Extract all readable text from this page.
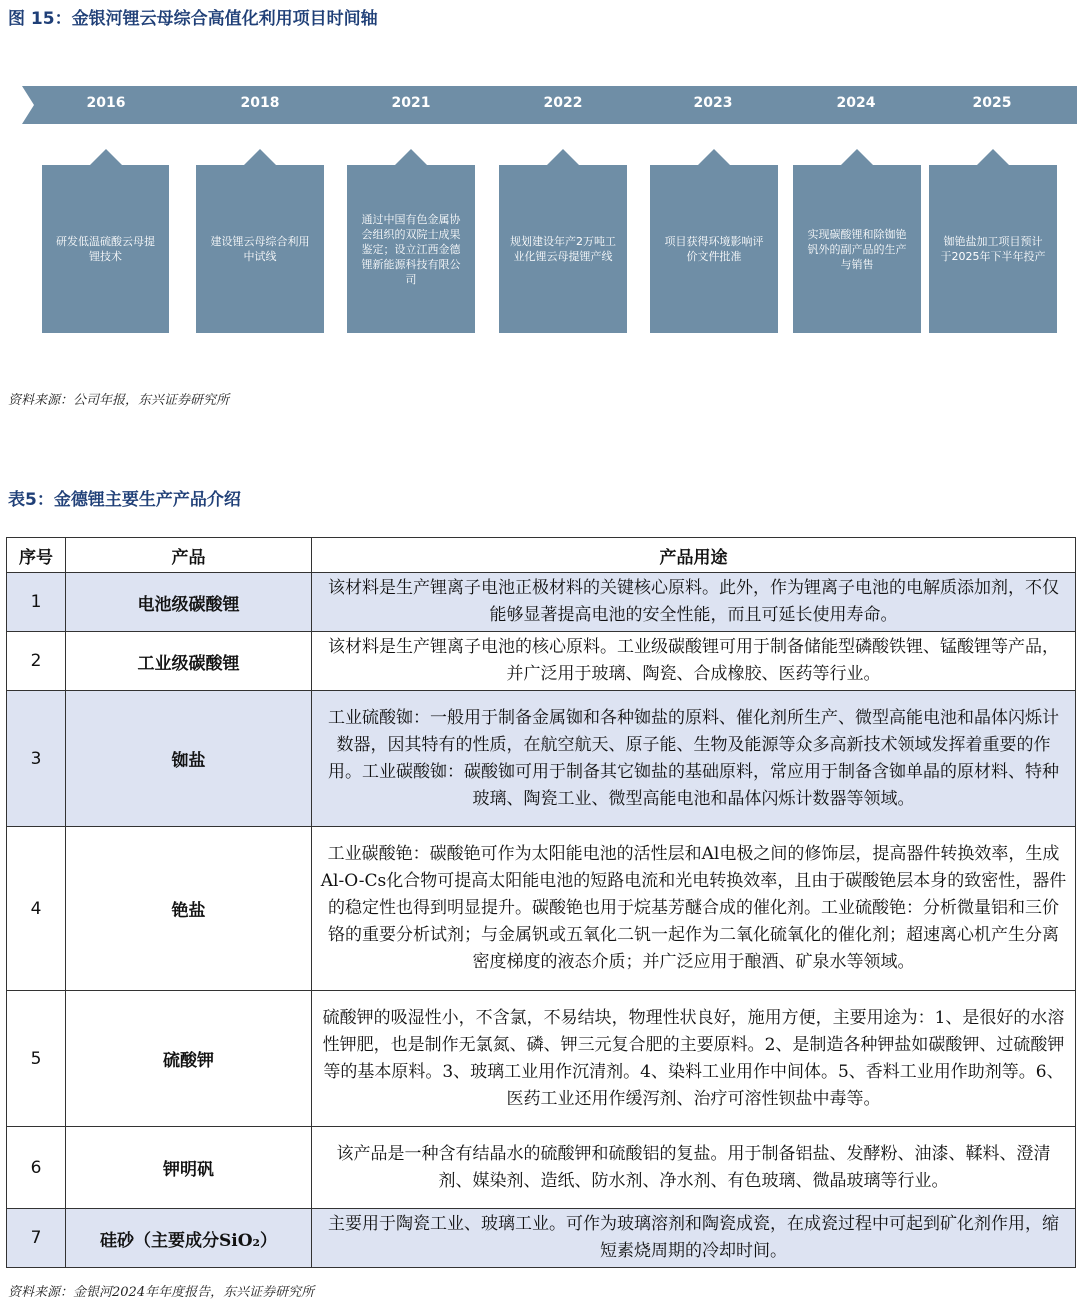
图 15：金银河锂云母综合高值化利用项目时间轴
2016	2018	2021	2022	2023	2024	2025
研发低温硫酸云母提锂技术
建设锂云母综合利用中试线
通过中国有色金属协会组织的双院士成果鉴定；设立江西金德锂新能源科技有限公司
规划建设年产2万吨工业化锂云母提锂产线
项目获得环境影响评价文件批准
实现碳酸锂和除铷铯钒外的副产品的生产与销售
铷铯盐加工项目预计于2025年下半年投产
资料来源：公司年报，东兴证券研究所
表5：金德锂主要生产产品介绍
序号	产品	产品用途
1	电池级碳酸锂	该材料是生产锂离子电池正极材料的关键核心原料。此外，作为锂离子电池的电解质添加剂，不仅能够显著提高电池的安全性能，而且可延长使用寿命。
2	工业级碳酸锂	该材料是生产锂离子电池的核心原料。工业级碳酸锂可用于制备储能型磷酸铁锂、锰酸锂等产品，并广泛用于玻璃、陶瓷、合成橡胶、医药等行业。
3	铷盐	工业硫酸铷：一般用于制备金属铷和各种铷盐的原料、催化剂所生产、微型高能电池和晶体闪烁计数器，因其特有的性质，在航空航天、原子能、生物及能源等众多高新技术领域发挥着重要的作用。工业碳酸铷：碳酸铷可用于制备其它铷盐的基础原料，常应用于制备含铷单晶的原材料、特种玻璃、陶瓷工业、微型高能电池和晶体闪烁计数器等领域。
4	铯盐	工业碳酸铯：碳酸铯可作为太阳能电池的活性层和Al电极之间的修饰层，提高器件转换效率，生成Al-O-Cs化合物可提高太阳能电池的短路电流和光电转换效率，且由于碳酸铯层本身的致密性，器件的稳定性也得到明显提升。碳酸铯也用于烷基芳醚合成的催化剂。工业硫酸铯：分析微量铝和三价铬的重要分析试剂；与金属钒或五氧化二钒一起作为二氧化硫氧化的催化剂；超速离心机产生分离密度梯度的液态介质；并广泛应用于酿酒、矿泉水等领域。
5	硫酸钾	硫酸钾的吸湿性小，不含氯，不易结块，物理性状良好，施用方便，主要用途为：1、是很好的水溶性钾肥，也是制作无氯氮、磷、钾三元复合肥的主要原料。2、是制造各种钾盐如碳酸钾、过硫酸钾等的基本原料。3、玻璃工业用作沉清剂。4、染料工业用作中间体。5、香料工业用作助剂等。6、医药工业还用作缓泻剂、治疗可溶性钡盐中毒等。
6	钾明矾	该产品是一种含有结晶水的硫酸钾和硫酸铝的复盐。用于制备铝盐、发酵粉、油漆、鞣料、澄清剂、媒染剂、造纸、防水剂、净水剂、有色玻璃、微晶玻璃等行业。
7	硅砂（主要成分SiO₂）	主要用于陶瓷工业、玻璃工业。可作为玻璃溶剂和陶瓷成瓷，在成瓷过程中可起到矿化剂作用，缩短素烧周期的冷却时间。
资料来源：金银河2024年年度报告，东兴证券研究所
